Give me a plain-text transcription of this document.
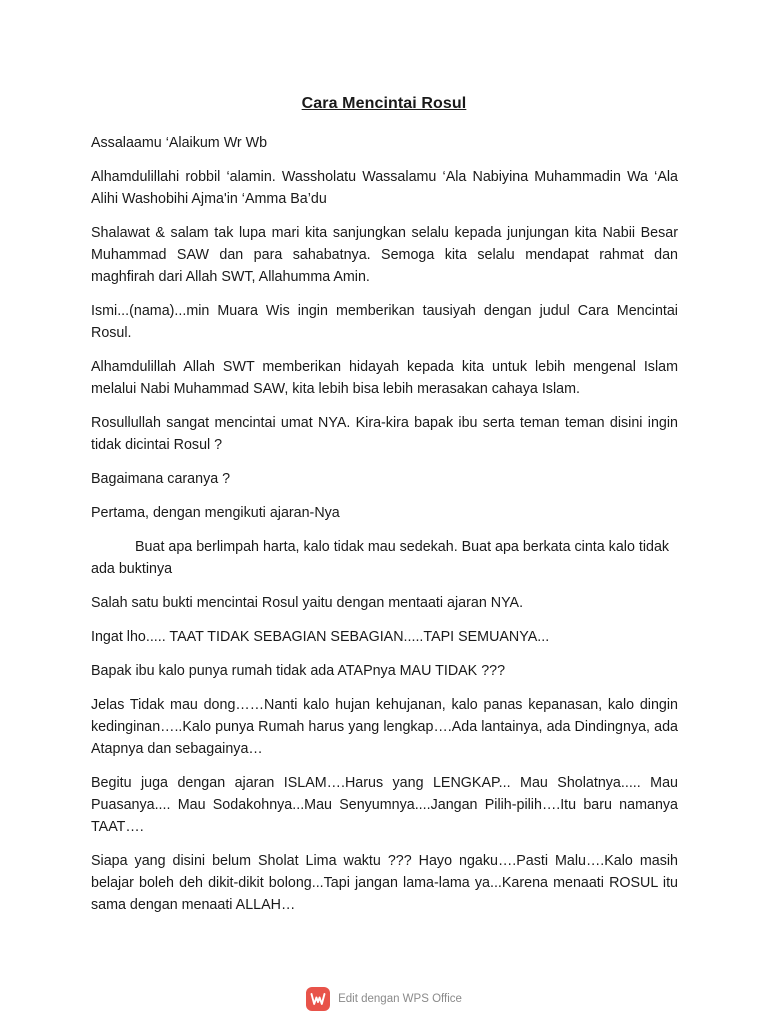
Cara Mencintai Rosul

Assalaamu ‘Alaikum Wr Wb

Alhamdulillahi robbil ‘alamin. Wassholatu Wassalamu ‘Ala Nabiyina Muhammadin Wa ‘Ala Alihi Washobihi Ajma'in ‘Amma Ba’du

Shalawat & salam tak lupa mari kita sanjungkan selalu kepada junjungan kita Nabii Besar Muhammad SAW dan para sahabatnya. Semoga kita selalu mendapat rahmat dan maghfirah dari Allah SWT, Allahumma Amin.

Ismi...(nama)...min Muara Wis ingin memberikan tausiyah dengan judul Cara Mencintai Rosul.

Alhamdulillah Allah SWT memberikan hidayah kepada kita untuk lebih mengenal Islam melalui Nabi Muhammad SAW, kita lebih bisa lebih merasakan cahaya Islam.

Rosullullah sangat mencintai umat NYA. Kira-kira bapak ibu serta teman teman disini ingin tidak dicintai Rosul ?

Bagaimana caranya ?

Pertama, dengan mengikuti ajaran-Nya

Buat apa berlimpah harta, kalo tidak mau sedekah. Buat apa berkata cinta kalo tidak ada buktinya

Salah satu bukti mencintai Rosul yaitu dengan mentaati ajaran NYA.

Ingat lho..... TAAT TIDAK SEBAGIAN SEBAGIAN.....TAPI SEMUANYA...

Bapak ibu kalo punya rumah tidak ada ATAPnya MAU TIDAK ???

Jelas Tidak mau dong……Nanti kalo hujan kehujanan, kalo panas kepanasan, kalo dingin kedinginan…..Kalo punya Rumah harus yang lengkap….Ada lantainya, ada Dindingnya, ada Atapnya dan sebagainya…

Begitu juga dengan ajaran ISLAM….Harus yang LENGKAP... Mau Sholatnya..... Mau Puasanya.... Mau Sodakohnya...Mau Senyumnya....Jangan Pilih-pilih….Itu baru namanya TAAT….

Siapa yang disini belum Sholat Lima waktu ??? Hayo ngaku….Pasti Malu….Kalo masih belajar boleh deh dikit-dikit bolong...Tapi jangan lama-lama ya...Karena menaati ROSUL itu sama dengan menaati ALLAH…

Edit dengan WPS Office
